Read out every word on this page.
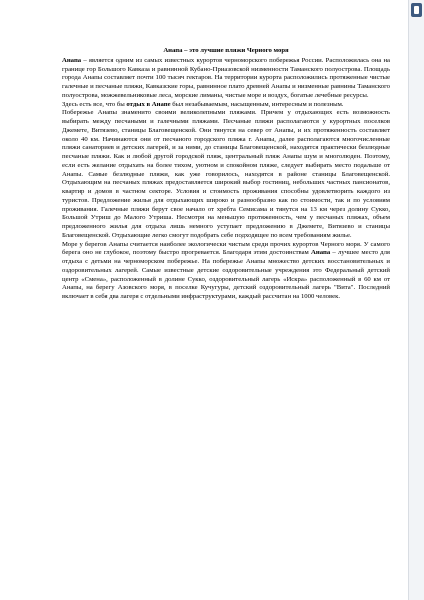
Анапа – это лучшие пляжи Черного моря

Анапа – является одним из самых известных курортов черноморского побережья России. Расположилась она на границе гор Большого Кавказа и равнинной Кубано-Приазовской низменности Таманского полуострова. Площадь города Анапы составляет почти 100 тысяч гектаров. На территории курорта расположились протяженные чистые галечные и песчаные пляжи, Кавказские горы, равнинное плато древней Анапы и низменные равнины Таманского полуострова, можжевельниковые леса, морские лиманы, чистые море и воздух, богатые лечебные ресурсы.

Здесь есть все, что бы отдых в Анапе был незабываемым, насыщенным, интересным и полезным.

Побережье Анапы знаменито своими великолепными пляжами. Причем у отдыхающих есть возможность выбирать между песчаными и галечными пляжами. Песчаные пляжи располагаются у курортных поселков Джемете, Витязево, станицы Благовещенской. Они тянутся на север от Анапы, и их протяженность составляет около 40 км. Начинаются они от песчаного городского пляжа г. Анапы, далее располагаются многочисленные пляжи санаториев и детских лагерей, и за ними, до станицы Благовещенской, находятся практически безлюдные песчаные пляжи. Как и любой другой городской пляж, центральный пляж Анапы шум и многолюден. Поэтому, если есть желание отдыхать на более тихом, уютном и спокойном пляже, следует выбирать место подальше от Анапы. Самые безлюдные пляжи, как уже говорилось, находятся в районе станицы Благовещенской. Отдыхающим на песчаных пляжах предоставляется широкий выбор гостиниц, небольших частных пансионатов, квартир и домов в частном секторе. Условия и стоимость проживания способны удовлетворить каждого из туристов. Предложение жилья для отдыхающих широко и разнообразно как по стоимости, так и по условиям проживания. Галечные пляжи берут свое начало от хребта Семисама и тянутся на 13 км через долину Сукко, Большой Утриш до Малого Утриша. Несмотря на меньшую протяженность, чем у песчаных пляжах, объем предложенного жилья для отдыха лишь немного уступает предложению в Джемете, Витязево и станицы Благовещенской. Отдыхающие легко смогут подобрать себе подходящее по всем требованиям жилье.

Море у берегов Анапы считается наиболее экологически чистым среди прочих курортов Черного моря. У самого берега оно не глубокое, поэтому быстро прогревается. Благодаря этим достоинствам Анапа – лучшее место для отдыха с детьми на черноморском побережье. На побережье Анапы множество детских восстановительных и оздоровительных лагерей. Самые известные детские оздоровительные учреждения это Федеральный детский центр «Смена», расположенный в долине Сукко, оздоровительный лагерь «Искра» расположенный в 60 км от Анапы, на берегу Азовского моря, в поселке Кучугуры, детский оздоровительный лагерь "Вита". Последний включает в себя два лагеря с отдельными инфраструктурами, каждый рассчитан на 1000 человек.
